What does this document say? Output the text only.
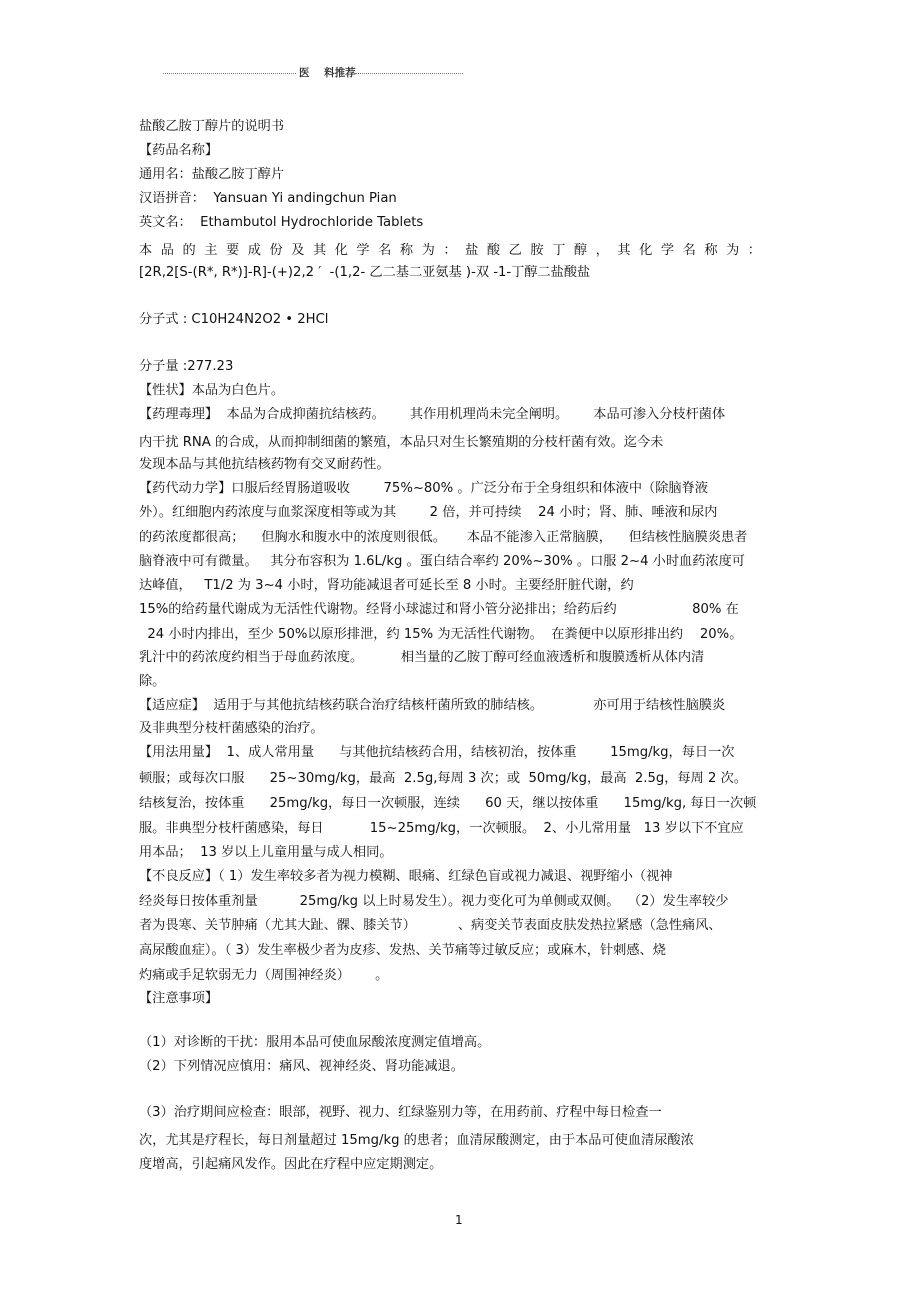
医 料推荐
盐酸乙胺丁醇片的说明书
【药品名称】
通用名：盐酸乙胺丁醇片
汉语拼音：  Yansuan Yi andingchun Pian
英文名：  Ethambutol Hydrochloride Tablets
本 品 的 主 要 成 份 及 其 化 学 名 称 为 ： 盐 酸 乙 胺 丁 醇 ， 其 化 学 名 称 为 ：
[2R,2[S-(R*, R*)]-R]-(+)2,2 ′  -(1,2- 乙二基二亚氨基 )-双 -1-丁醇二盐酸盐
分子式 : C10H24N2O2 • 2HCl
分子量 :277.23
【性状】本品为白色片。
【药理毒理】  本品为合成抑菌抗结核药。      其作用机理尚未完全阐明。      本品可渗入分枝杆菌体
内干扰 RNA 的合成，从而抑制细菌的繁殖，本品只对生长繁殖期的分枝杆菌有效。迄今未
发现本品与其他抗结核药物有交叉耐药性。
【药代动力学】口服后经胃肠道吸收        75%~80% 。广泛分布于全身组织和体液中（除脑脊液
外）。红细胞内药浓度与血浆深度相等或为其        2 倍，并可持续    24 小时；肾、肺、唾液和尿内
的药浓度都很高；    但胸水和腹水中的浓度则很低。     本品不能渗入正常脑膜，    但结核性脑膜炎患者
脑脊液中可有微量。   其分布容积为 1.6L/kg 。蛋白结合率约 20%~30% 。口服 2~4 小时血药浓度可
达峰值，   T1/2 为 3~4 小时，肾功能减退者可延长至 8 小时。主要经肝脏代谢，约
15%的给药量代谢成为无活性代谢物。经肾小球滤过和肾小管分泌排出；给药后约                  80% 在
24 小时内排出，至少 50%以原形排泄，约 15% 为无活性代谢物。  在粪便中以原形排出约    20%。
乳汁中的药浓度约相当于母血药浓度。         相当量的乙胺丁醇可经血液透析和腹膜透析从体内清
除。
【适应症】  适用于与其他抗结核药联合治疗结核杆菌所致的肺结核。            亦可用于结核性脑膜炎
及非典型分枝杆菌感染的治疗。
【用法用量】  1、成人常用量      与其他抗结核药合用，结核初治，按体重        15mg/kg，每日一次
顿服；或每次口服      25~30mg/kg，最高  2.5g,每周 3 次；或  50mg/kg，最高  2.5g，每周 2 次。
结核复治，按体重      25mg/kg，每日一次顿服，连续      60 天，继以按体重      15mg/kg, 每日一次顿
服。非典型分枝杆菌感染，每日           15~25mg/kg，一次顿服。  2、小儿常用量   13 岁以下不宜应
用本品；  13 岁以上儿童用量与成人相同。
【不良反应】（ 1）发生率较多者为视力模糊、眼痛、红绿色盲或视力减退、视野缩小（视神
经炎每日按体重剂量          25mg/kg 以上时易发生）。视力变化可为单侧或双侧。  （2）发生率较少
者为畏寒、关节肿痛（尤其大趾、髁、膝关节）          、病变关节表面皮肤发热拉紧感（急性痛风、
高尿酸血症）。（ 3）发生率极少者为皮疹、发热、关节痛等过敏反应；或麻木，针刺感、烧
灼痛或手足软弱无力（周围神经炎）      。
【注意事项】
（1）对诊断的干扰：服用本品可使血尿酸浓度测定值增高。
（2）下列情况应慎用：痛风、视神经炎、肾功能减退。
（3）治疗期间应检查：眼部，视野、视力、红绿鉴别力等，在用药前、疗程中每日检查一
次，尤其是疗程长，每日剂量超过 15mg/kg 的患者；血清尿酸测定，由于本品可使血清尿酸浓
度增高，引起痛风发作。因此在疗程中应定期测定。
1
